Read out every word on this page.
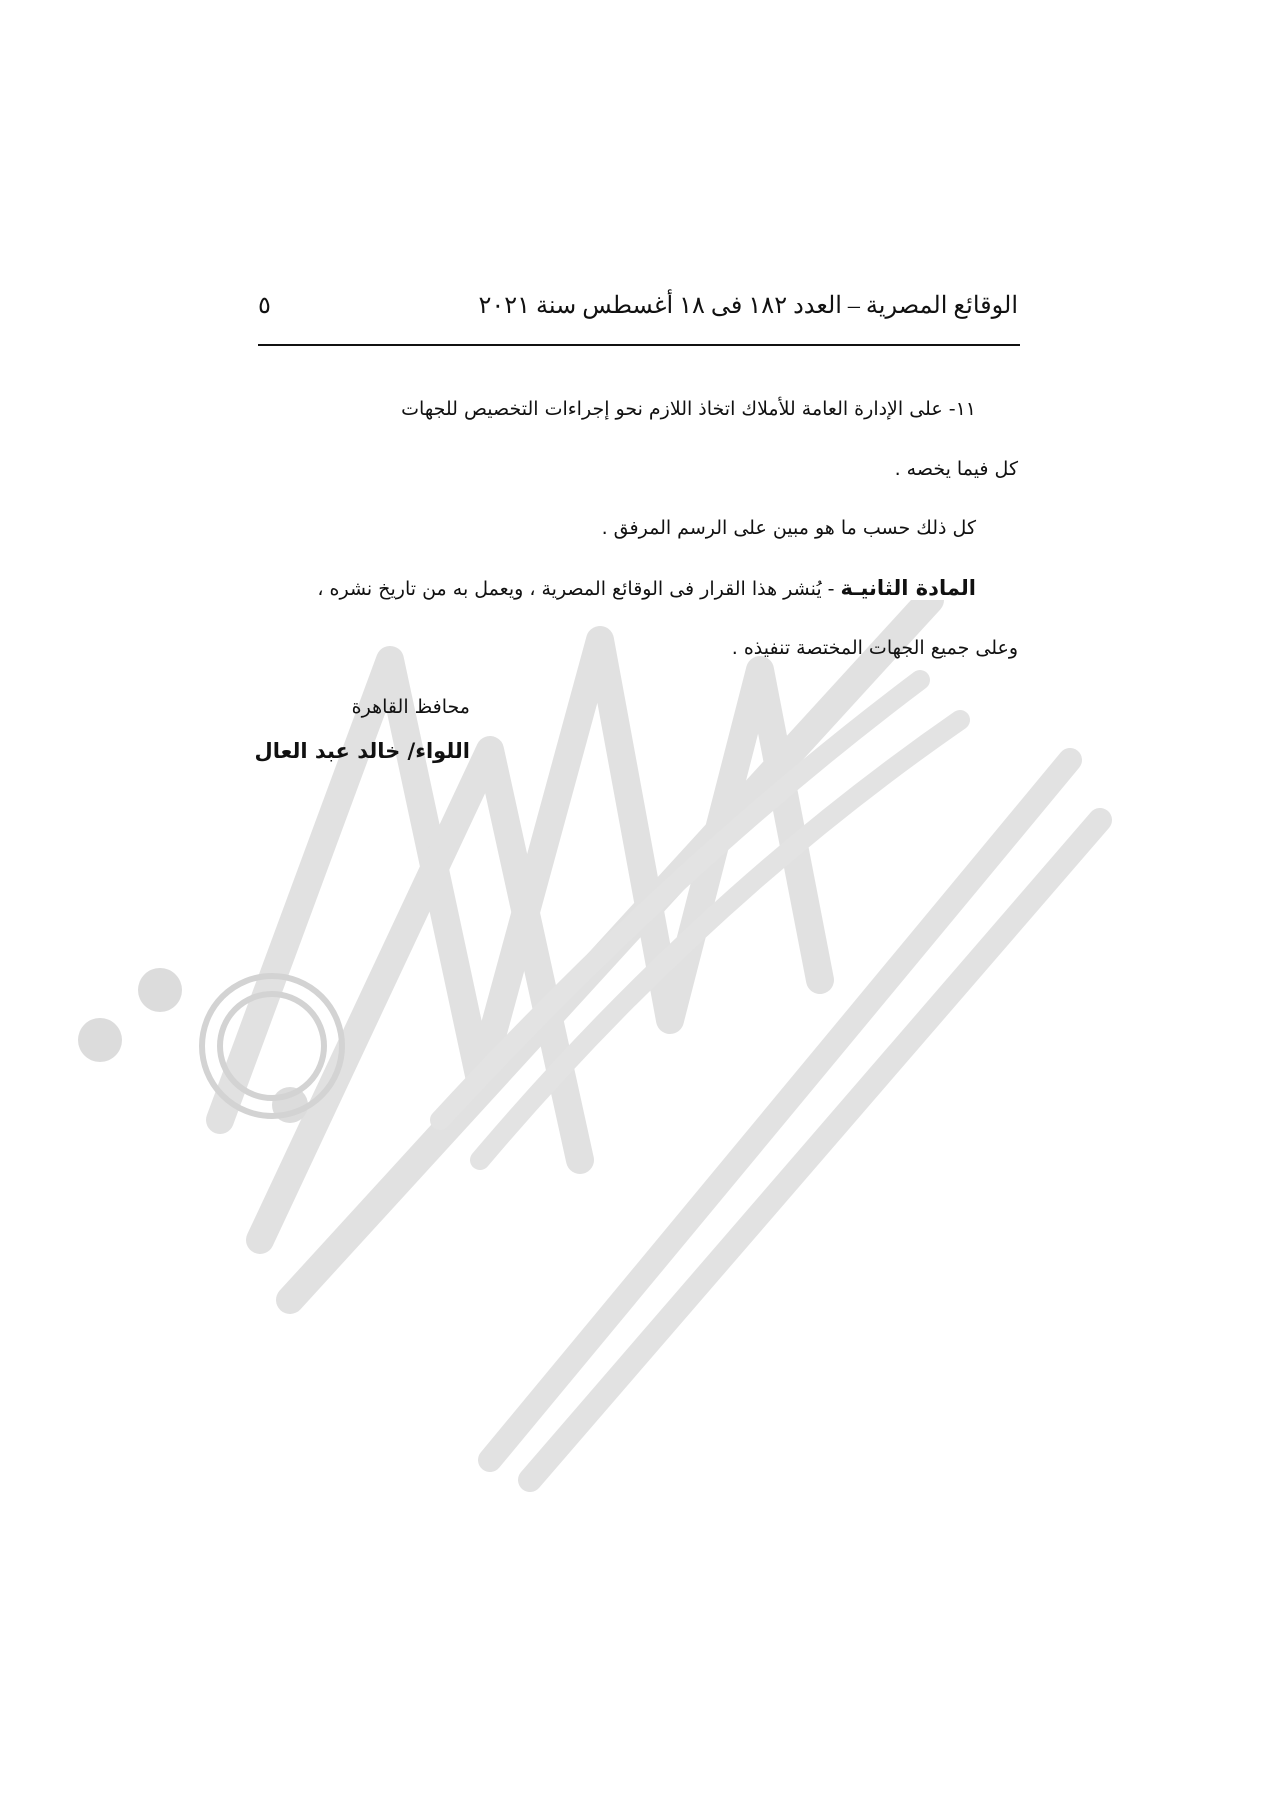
الوقائع المصرية – العدد ١٨٢ فى ١٨ أغسطس سنة ٢٠٢١
٥
١١- على الإدارة العامة للأملاك اتخاذ اللازم نحو إجراءات التخصيص للجهات
كل فيما يخصه .
كل ذلك حسب ما هو مبين على الرسم المرفق .
المادة الثانيـة - يُنشر هذا القرار فى الوقائع المصرية ، ويعمل به من تاريخ نشره ،
وعلى جميع الجهات المختصة تنفيذه .
محافظ القاهرة
اللواء/ خالد عبد العال
